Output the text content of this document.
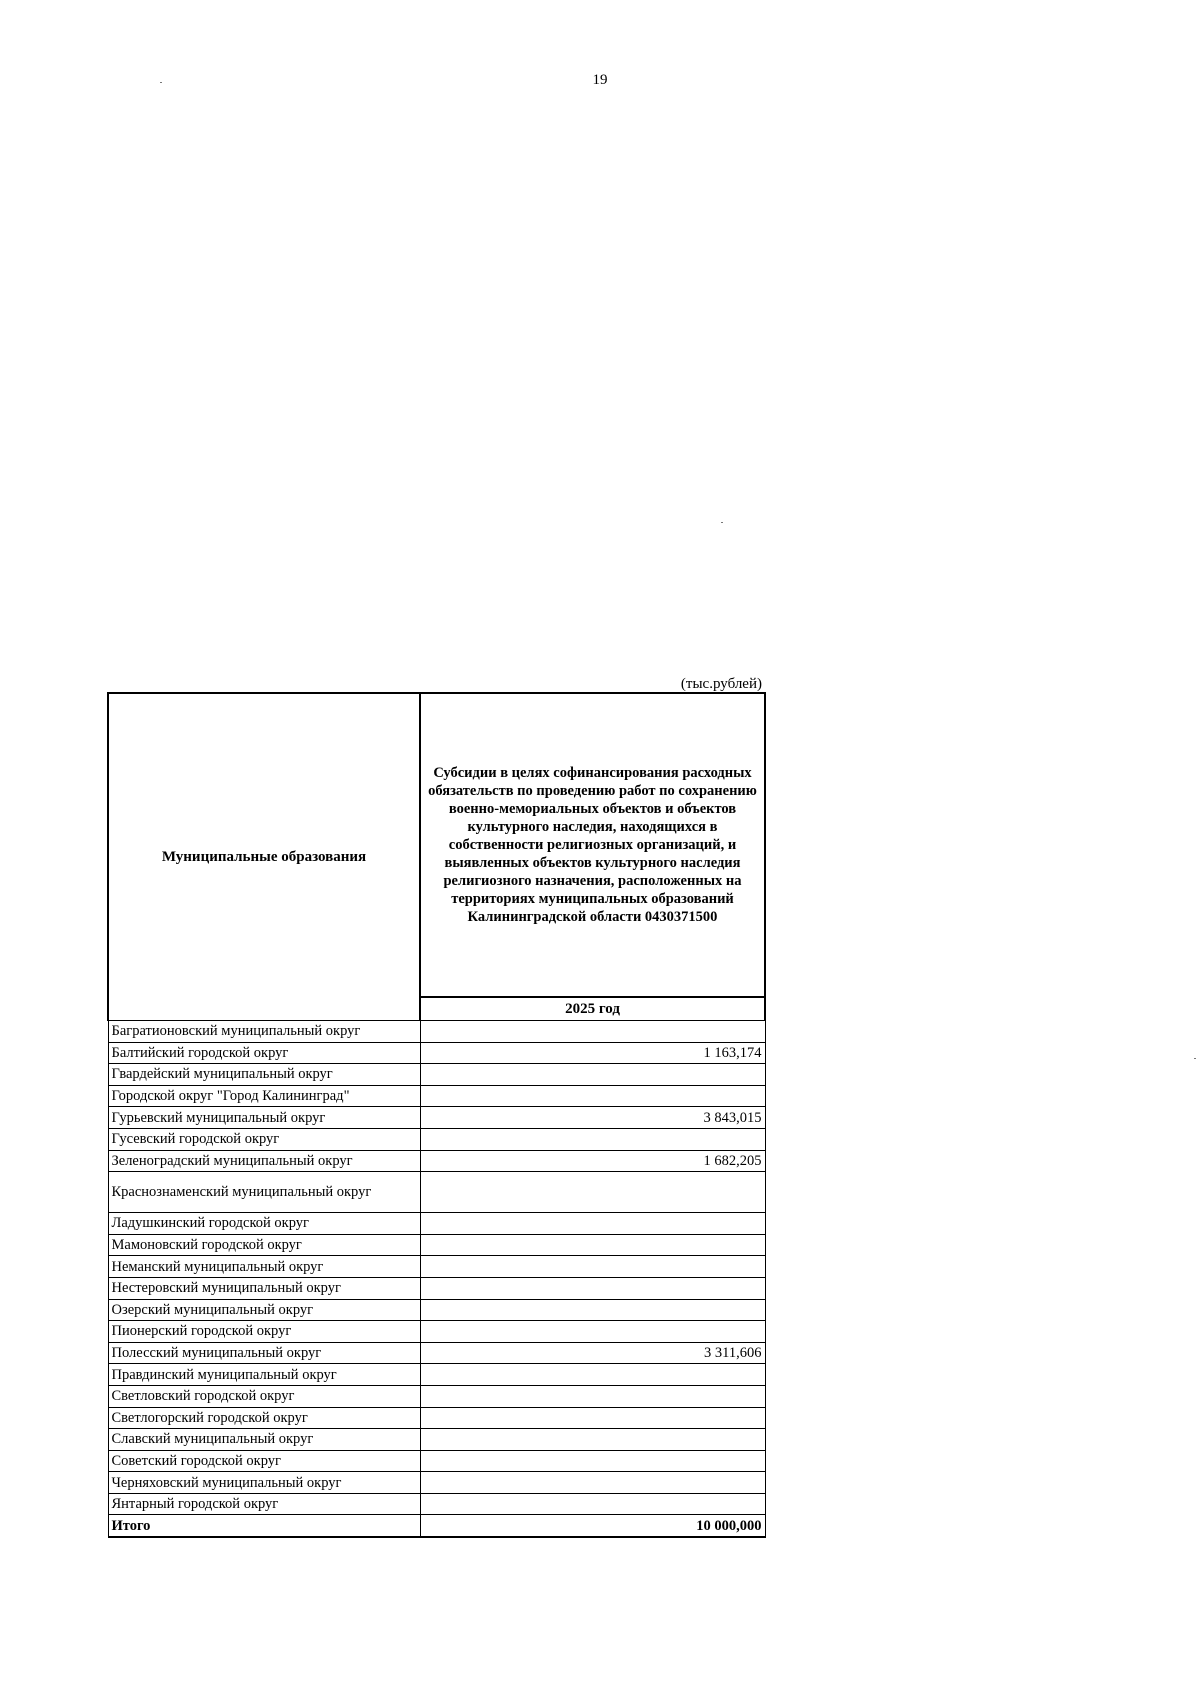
19
(тыс.рублей)
Муниципальные образования	Субсидии в целях софинансирования расходных обязательств по проведению работ по сохранению военно-мемориальных объектов и объектов культурного наследия, находящихся в собственности религиозных организаций, и выявленных объектов культурного наследия религиозного назначения, расположенных на территориях муниципальных образований Калининградской области 0430371500
	2025 год
Багратионовский муниципальный округ	
Балтийский городской округ	1 163,174
Гвардейский муниципальный округ	
Городской округ "Город Калининград"	
Гурьевский муниципальный округ	3 843,015
Гусевский городской округ	
Зеленоградский муниципальный округ	1 682,205
Краснознаменский муниципальный округ	
Ладушкинский городской округ	
Мамоновский городской округ	
Неманский муниципальный округ	
Нестеровский муниципальный округ	
Озерский муниципальный округ	
Пионерский городской округ	
Полесский муниципальный округ	3 311,606
Правдинский муниципальный округ	
Светловский городской округ	
Светлогорский городской округ	
Славский муниципальный округ	
Советский городской округ	
Черняховский муниципальный округ	
Янтарный городской округ	
Итого	10 000,000
